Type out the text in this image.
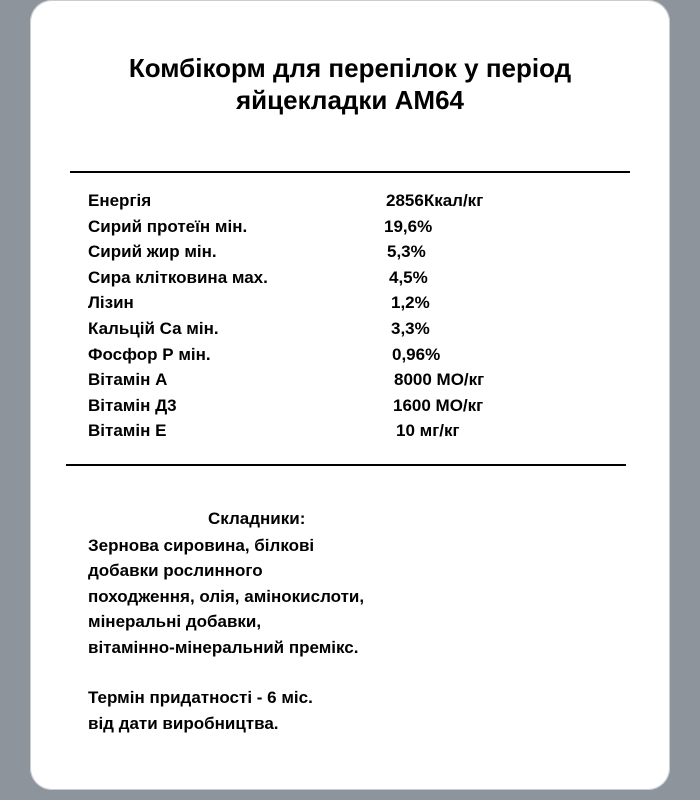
Комбікорм для перепілок у період
яйцекладки АМ64
Енергія	2856Ккал/кг
Сирий протеїн мін.	19,6%
Сирий жир мін.	5,3%
Сира клітковина мах.	4,5%
Лізин	1,2%
Кальцій Са мін.	3,3%
Фосфор Р мін.	0,96%
Вітамін А	8000 МО/кг
Вітамін Д3	1600 МО/кг
Вітамін Е	10 мг/кг
Складники:
Зернова сировина, білкові
добавки рослинного
походження, олія, амінокислоти,
мінеральні добавки,
вітамінно-мінеральний премікс.
Термін придатності - 6 міс.
від дати виробництва.
